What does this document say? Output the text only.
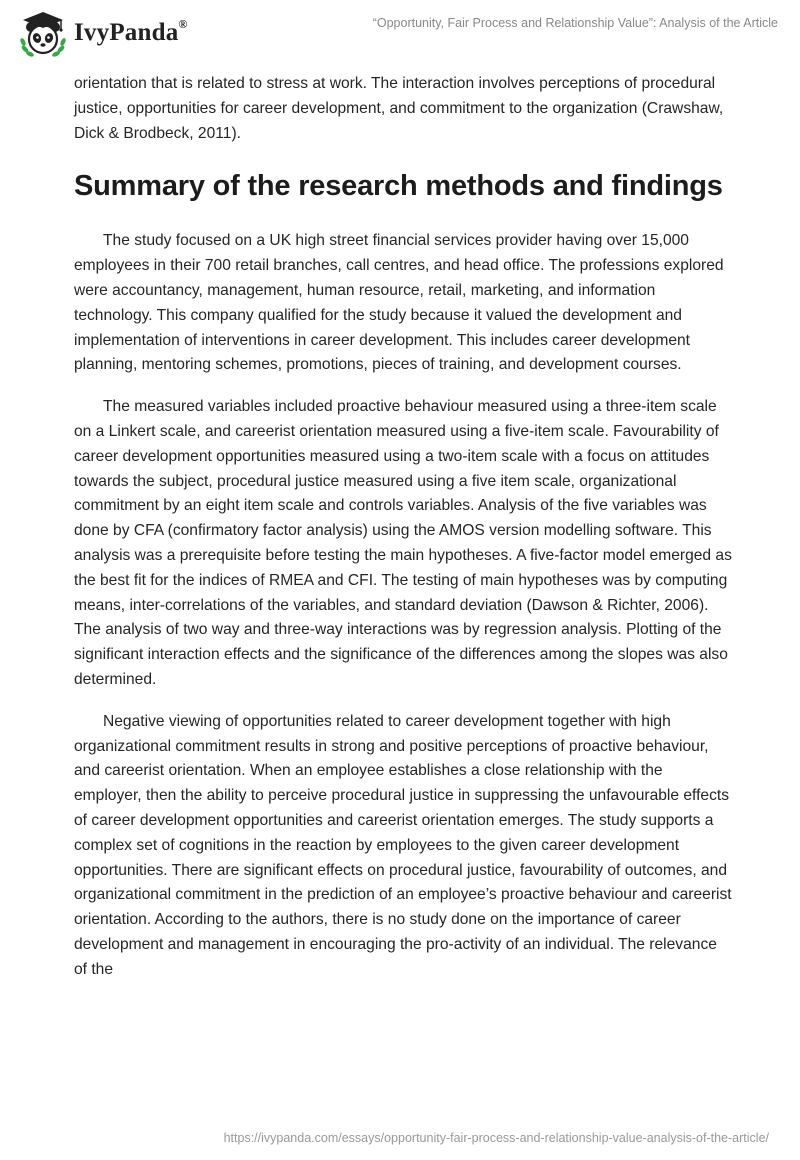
IvyPanda®	“Opportunity, Fair Process and Relationship Value”: Analysis of the Article

orientation that is related to stress at work. The interaction involves perceptions of procedural justice, opportunities for career development, and commitment to the organization (Crawshaw, Dick & Brodbeck, 2011).

Summary of the research methods and findings

The study focused on a UK high street financial services provider having over 15,000 employees in their 700 retail branches, call centres, and head office. The professions explored were accountancy, management, human resource, retail, marketing, and information technology. This company qualified for the study because it valued the development and implementation of interventions in career development. This includes career development planning, mentoring schemes, promotions, pieces of training, and development courses.

The measured variables included proactive behaviour measured using a three-item scale on a Linkert scale, and careerist orientation measured using a five-item scale. Favourability of career development opportunities measured using a two-item scale with a focus on attitudes towards the subject, procedural justice measured using a five item scale, organizational commitment by an eight item scale and controls variables. Analysis of the five variables was done by CFA (confirmatory factor analysis) using the AMOS version modelling software. This analysis was a prerequisite before testing the main hypotheses. A five-factor model emerged as the best fit for the indices of RMEA and CFI. The testing of main hypotheses was by computing means, inter-correlations of the variables, and standard deviation (Dawson & Richter, 2006). The analysis of two way and three-way interactions was by regression analysis. Plotting of the significant interaction effects and the significance of the differences among the slopes was also determined.

Negative viewing of opportunities related to career development together with high organizational commitment results in strong and positive perceptions of proactive behaviour, and careerist orientation. When an employee establishes a close relationship with the employer, then the ability to perceive procedural justice in suppressing the unfavourable effects of career development opportunities and careerist orientation emerges. The study supports a complex set of cognitions in the reaction by employees to the given career development opportunities. There are significant effects on procedural justice, favourability of outcomes, and organizational commitment in the prediction of an employee’s proactive behaviour and careerist orientation. According to the authors, there is no study done on the importance of career development and management in encouraging the pro-activity of an individual. The relevance of the

https://ivypanda.com/essays/opportunity-fair-process-and-relationship-value-analysis-of-the-article/
